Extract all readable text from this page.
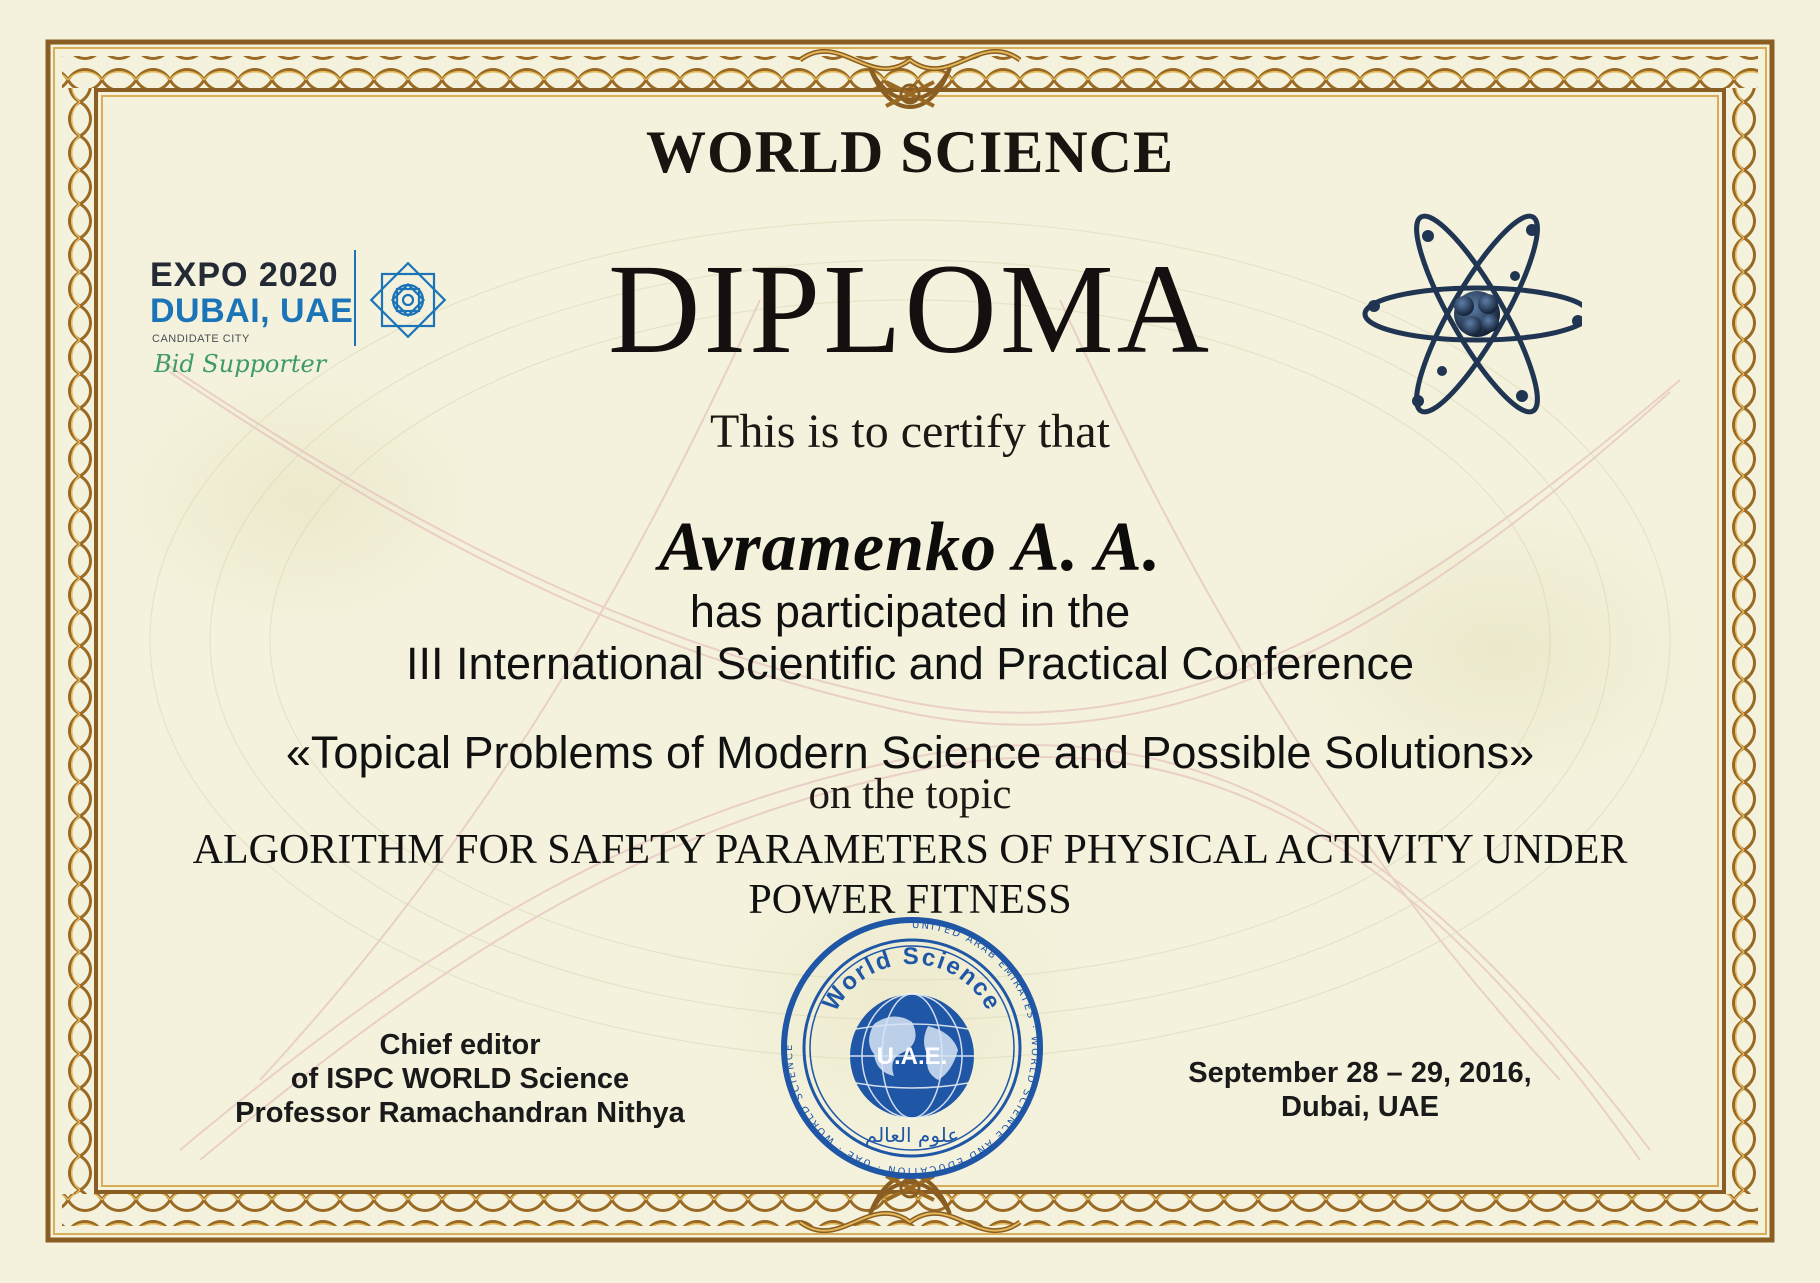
EXPO 2020
DUBAI, UAE
CANDIDATE CITY
Bid Supporter
WORLD SCIENCE
DIPLOMA
This is to certify that
Avramenko A. A.
has participated in the
III International Scientific and Practical Conference
«Topical Problems of Modern Science and Possible Solutions»
on the topic
ALGORITHM FOR SAFETY PARAMETERS OF PHYSICAL ACTIVITY UNDER
POWER FITNESS
UNITED ARAB EMIRATES · WORLD SCIENCE AND EDUCATION · UAE · WORLD SCIENCE
World Science
U.A.E.
علوم العالم
Chief editor
of ISPC WORLD Science
Professor Ramachandran Nithya
September 28 – 29, 2016,
Dubai, UAE
